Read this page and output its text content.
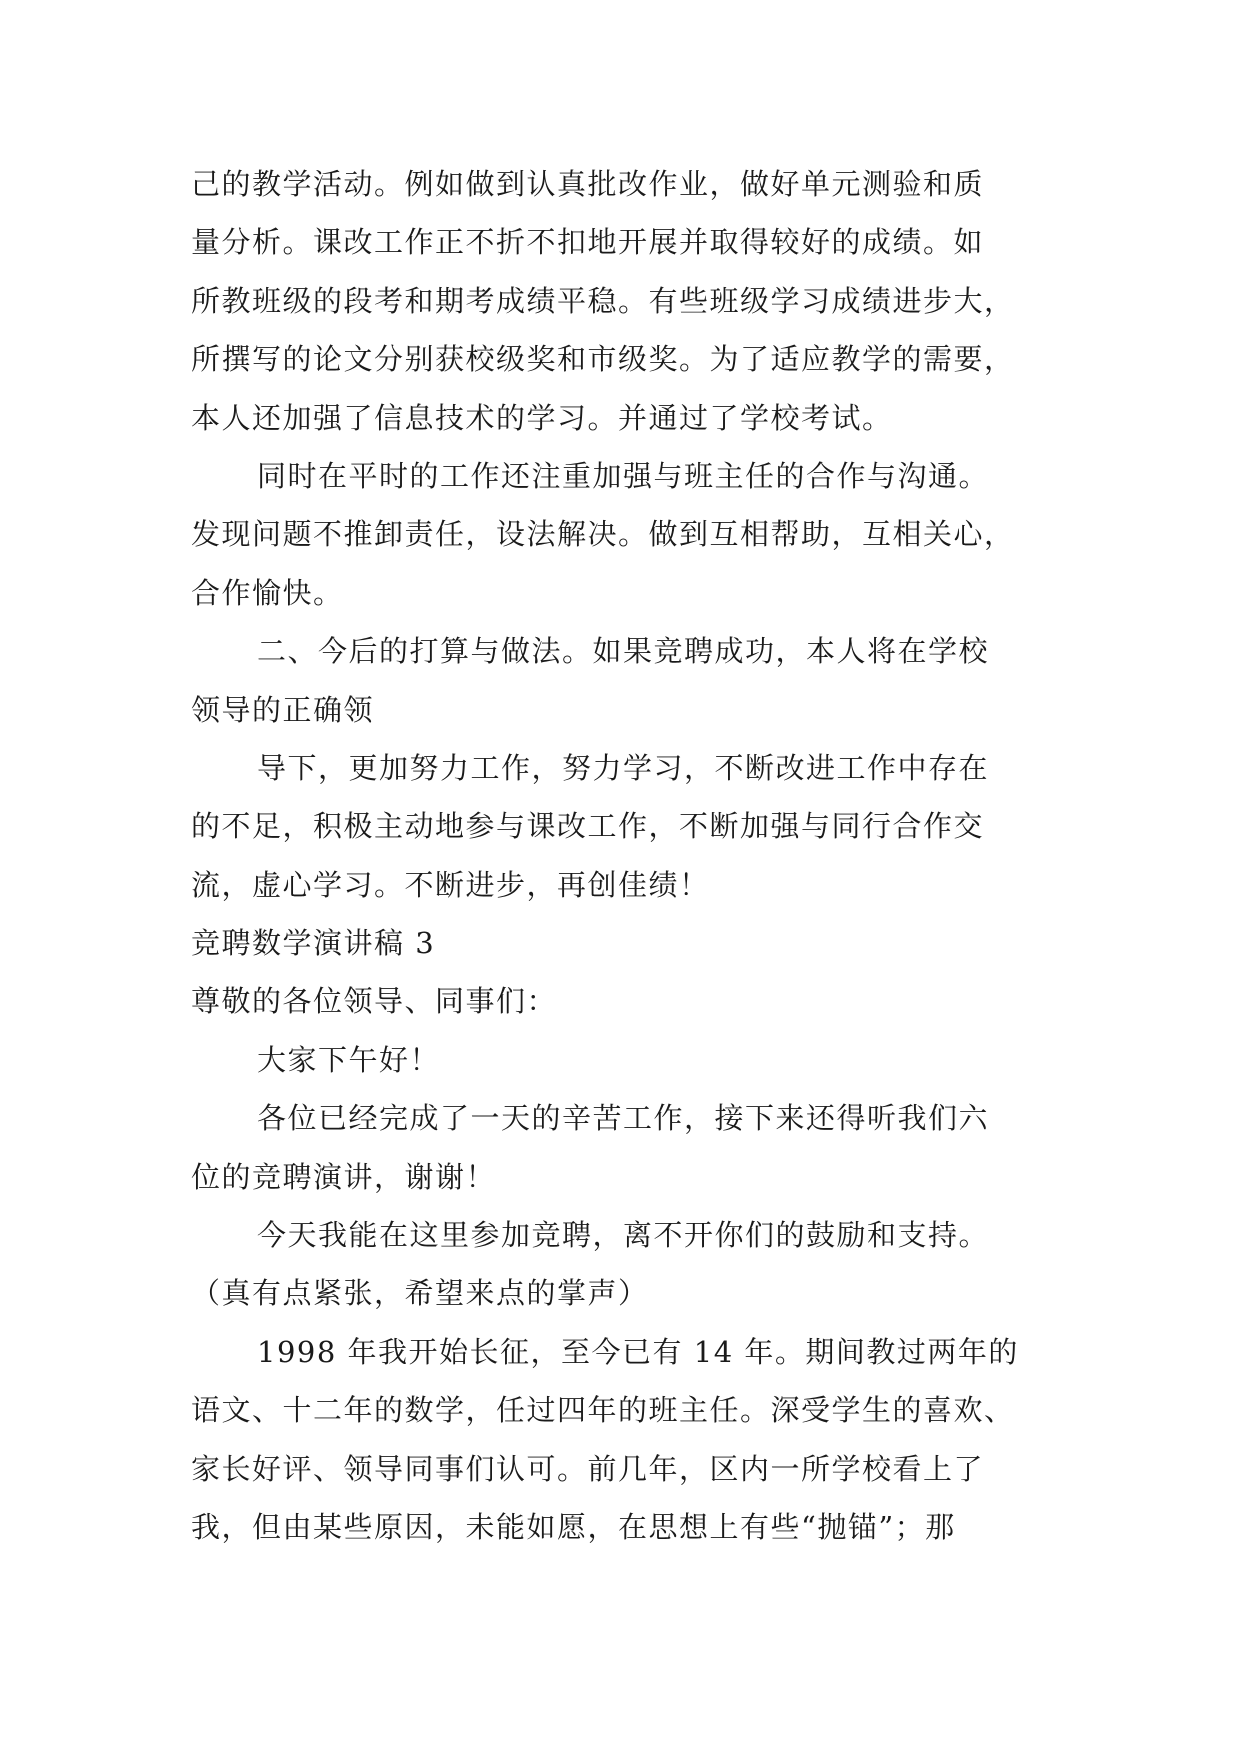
己的教学活动。例如做到认真批改作业，做好单元测验和质
量分析。课改工作正不折不扣地开展并取得较好的成绩。如
所教班级的段考和期考成绩平稳。有些班级学习成绩进步大，
所撰写的论文分别获校级奖和市级奖。为了适应教学的需要，
本人还加强了信息技术的学习。并通过了学校考试。
同时在平时的工作还注重加强与班主任的合作与沟通。
发现问题不推卸责任，设法解决。做到互相帮助，互相关心，
合作愉快。
二、今后的打算与做法。如果竞聘成功，本人将在学校
领导的正确领
导下，更加努力工作，努力学习，不断改进工作中存在
的不足，积极主动地参与课改工作，不断加强与同行合作交
流，虚心学习。不断进步，再创佳绩！
竞聘数学演讲稿 3
尊敬的各位领导、同事们：
大家下午好！
各位已经完成了一天的辛苦工作，接下来还得听我们六
位的竞聘演讲，谢谢！
今天我能在这里参加竞聘，离不开你们的鼓励和支持。
（真有点紧张，希望来点的掌声）
1998 年我开始长征，至今已有 14 年。期间教过两年的
语文、十二年的数学，任过四年的班主任。深受学生的喜欢、
家长好评、领导同事们认可。前几年，区内一所学校看上了
我，但由某些原因，未能如愿，在思想上有些“抛锚”；那
